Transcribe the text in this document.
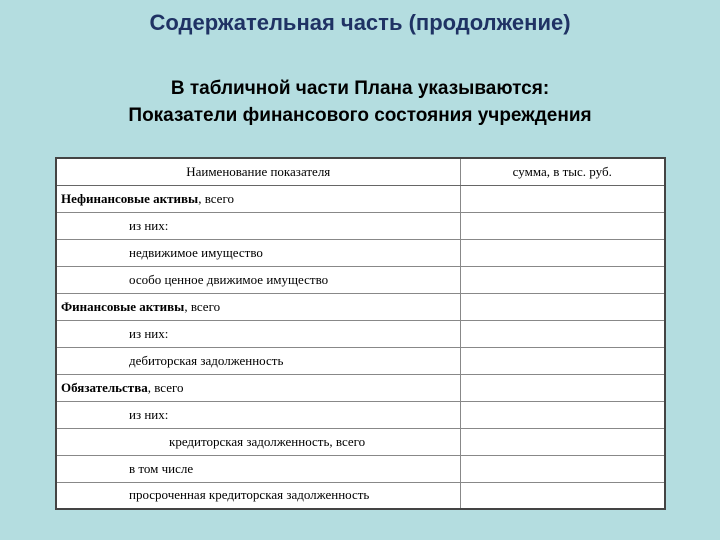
Содержательная часть (продолжение)
В табличной части Плана указываются:
Показатели финансового состояния учреждения
Наименование показателя	сумма, в тыс. руб.
Нефинансовые активы, всего	
из них:	
недвижимое имущество	
особо ценное движимое имущество	
Финансовые активы, всего	
из них:	
дебиторская задолженность	
Обязательства, всего	
из них:	
кредиторская задолженность, всего	
в том числе	
просроченная кредиторская задолженность	
